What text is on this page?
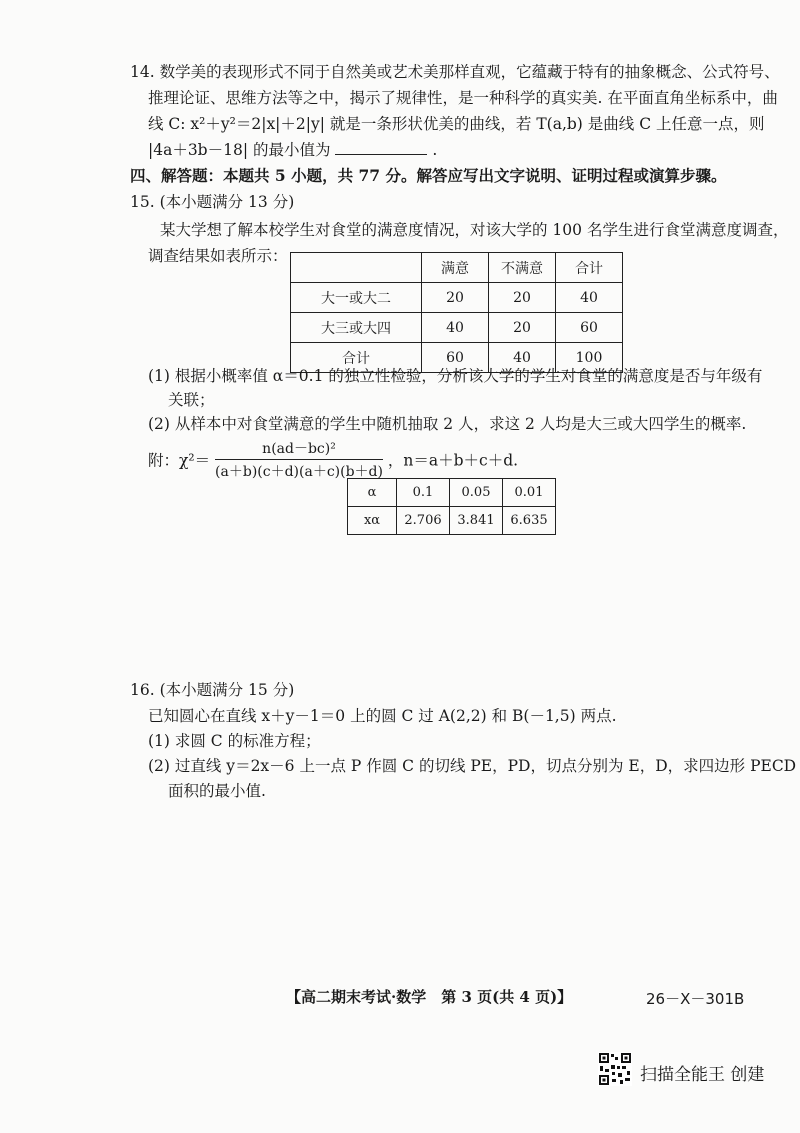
14. 数学美的表现形式不同于自然美或艺术美那样直观，它蕴藏于特有的抽象概念、公式符号、
推理论证、思维方法等之中，揭示了规律性，是一种科学的真实美. 在平面直角坐标系中，曲
线 C: x²＋y²＝2|x|＋2|y| 就是一条形状优美的曲线，若 T(a,b) 是曲线 C 上任意一点，则
|4a＋3b－18| 的最小值为	.
四、解答题：本题共 5 小题，共 77 分。解答应写出文字说明、证明过程或演算步骤。
15. (本小题满分 13 分)
某大学想了解本校学生对食堂的满意度情况，对该大学的 100 名学生进行食堂满意度调查，
调查结果如表所示：
	满意	不满意	合计
大一或大二	20	20	40
大三或大四	40	20	60
合计	60	40	100
(1) 根据小概率值 α＝0.1 的独立性检验，分析该大学的学生对食堂的满意度是否与年级有
关联；
(2) 从样本中对食堂满意的学生中随机抽取 2 人，求这 2 人均是大三或大四学生的概率.
附：$\chi^2= \frac{\text{n(ad－bc)²}}{(a+b)(c+d)(a+c)(b+d)}$ ，n＝a＋b＋c＋d.
α	0.1	0.05	0.01
xα	2.706	3.841	6.635
16. (本小题满分 15 分)
已知圆心在直线 x＋y－1＝0 上的圆 C 过 A(2,2) 和 B(－1,5) 两点.
(1) 求圆 C 的标准方程；
(2) 过直线 y＝2x－6 上一点 P 作圆 C 的切线 PE，PD，切点分别为 E，D，求四边形 PECD
面积的最小值.
【高二期末考试·数学　第 3 页(共 4 页)】	26－X－301B
扫描全能王 创建
